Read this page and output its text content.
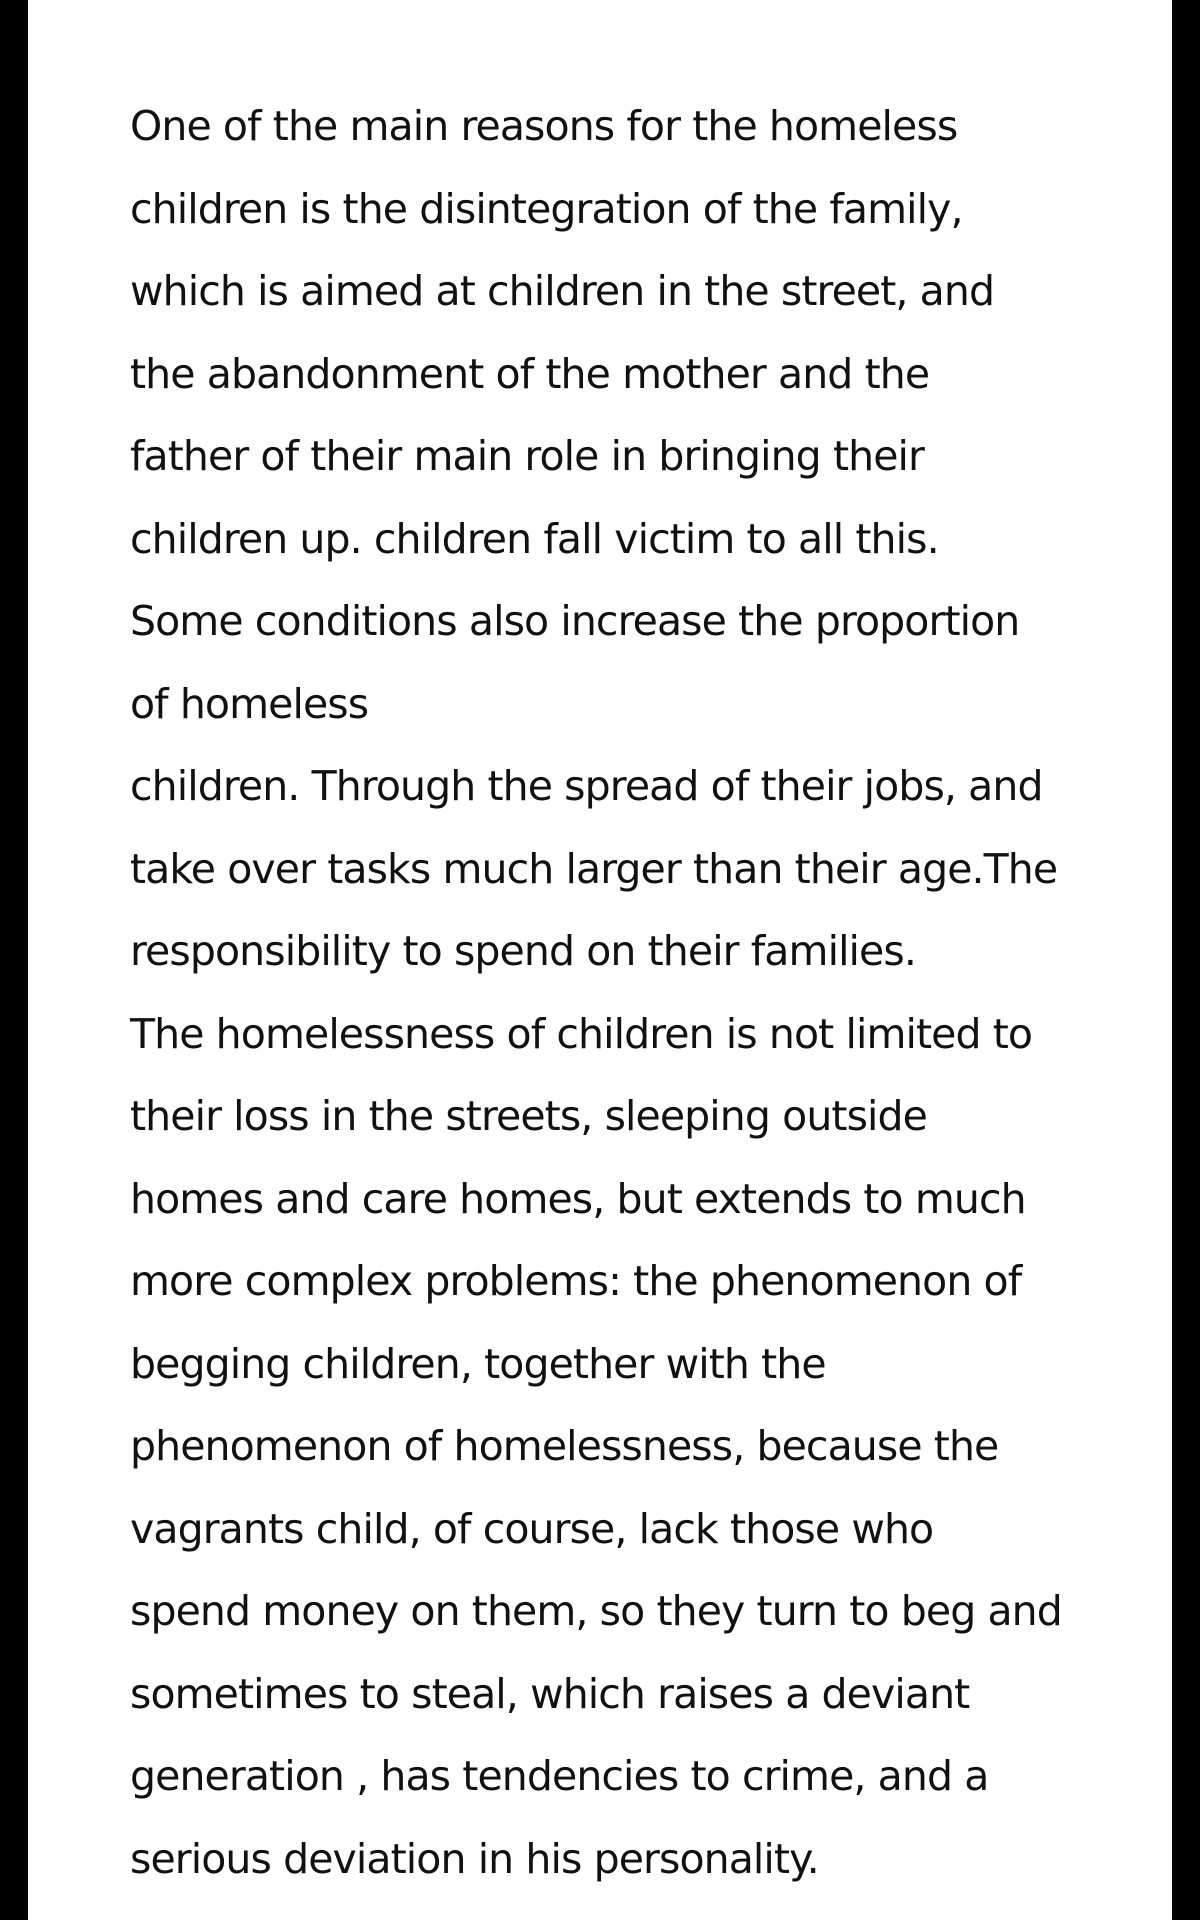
One of the main reasons for the homeless
children is the disintegration of the family,
which is aimed at children in the street, and
the abandonment of the mother and the
father of their main role in bringing their
children up. children fall victim to all this.
Some conditions also increase the proportion
of homeless
children. Through the spread of their jobs, and
take over tasks much larger than their age.The
responsibility to spend on their families.
The homelessness of children is not limited to
their loss in the streets, sleeping outside
homes and care homes, but extends to much
more complex problems: the phenomenon of
begging children, together with the
phenomenon of homelessness, because the
vagrants child, of course, lack those who
spend money on them, so they turn to beg and
sometimes to steal, which raises a deviant
generation , has tendencies to crime, and a
serious deviation in his personality.
